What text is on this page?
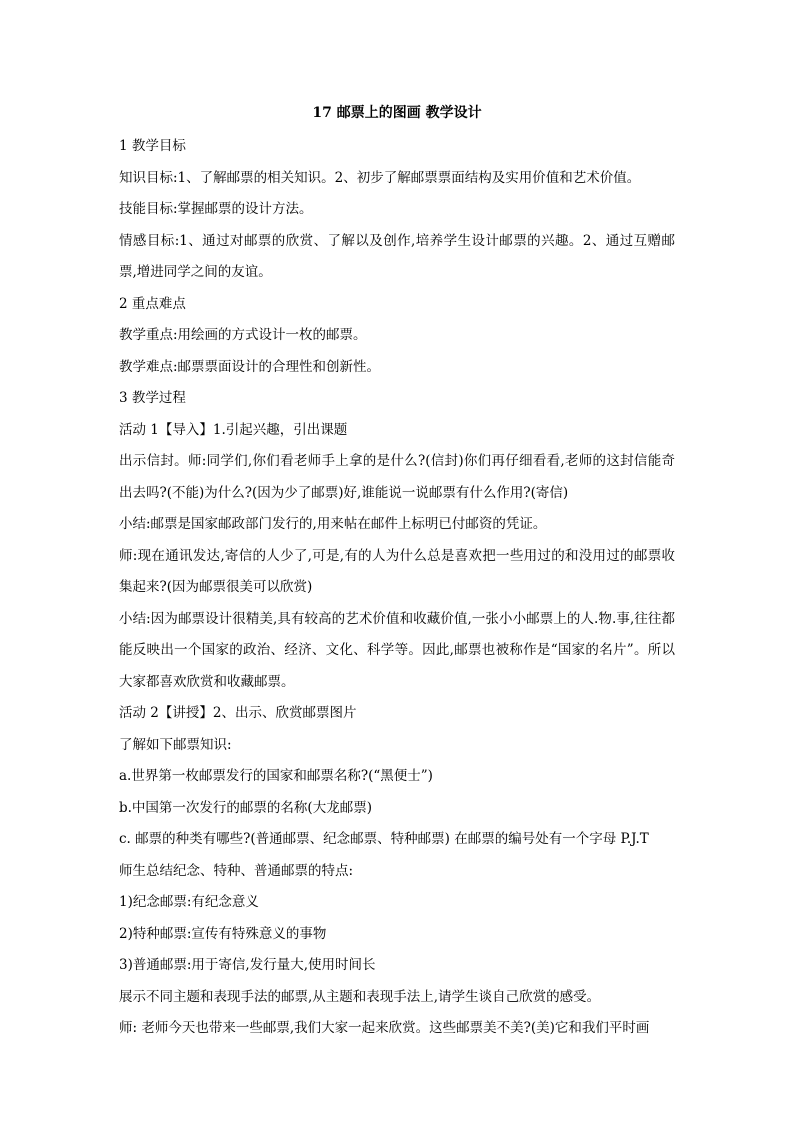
17 邮票上的图画 教学设计

1 教学目标

知识目标:1、了解邮票的相关知识。2、初步了解邮票票面结构及实用价值和艺术价值。

技能目标:掌握邮票的设计方法。

情感目标:1、通过对邮票的欣赏、了解以及创作,培养学生设计邮票的兴趣。2、通过互赠邮票,增进同学之间的友谊。

2 重点难点

教学重点:用绘画的方式设计一枚的邮票。

教学难点:邮票票面设计的合理性和创新性。

3 教学过程

活动 1【导入】1.引起兴趣，引出课题

出示信封。师:同学们,你们看老师手上拿的是什么?(信封)你们再仔细看看,老师的这封信能奇出去吗?(不能)为什么?(因为少了邮票)好,谁能说一说邮票有什么作用?(寄信)

小结:邮票是国家邮政部门发行的,用来帖在邮件上标明已付邮资的凭证。

师:现在通讯发达,寄信的人少了,可是,有的人为什么总是喜欢把一些用过的和没用过的邮票收集起来?(因为邮票很美可以欣赏)

小结:因为邮票设计很精美,具有较高的艺术价值和收藏价值,一张小小邮票上的人.物.事,往往都能反映出一个国家的政治、经济、文化、科学等。因此,邮票也被称作是“国家的名片”。所以大家都喜欢欣赏和收藏邮票。

活动 2【讲授】2、出示、欣赏邮票图片

了解如下邮票知识:

a.世界第一枚邮票发行的国家和邮票名称?(“黑便士”)

b.中国第一次发行的邮票的名称(大龙邮票)

c. 邮票的种类有哪些?(普通邮票、纪念邮票、特种邮票) 在邮票的编号处有一个字母 P.J.T

师生总结纪念、特种、普通邮票的特点:

1)纪念邮票:有纪念意义

2)特种邮票:宣传有特殊意义的事物

3)普通邮票:用于寄信,发行量大,使用时间长

展示不同主题和表现手法的邮票,从主题和表现手法上,请学生谈自己欣赏的感受。

师: 老师今天也带来一些邮票,我们大家一起来欣赏。这些邮票美不美?(美)它和我们平时画
